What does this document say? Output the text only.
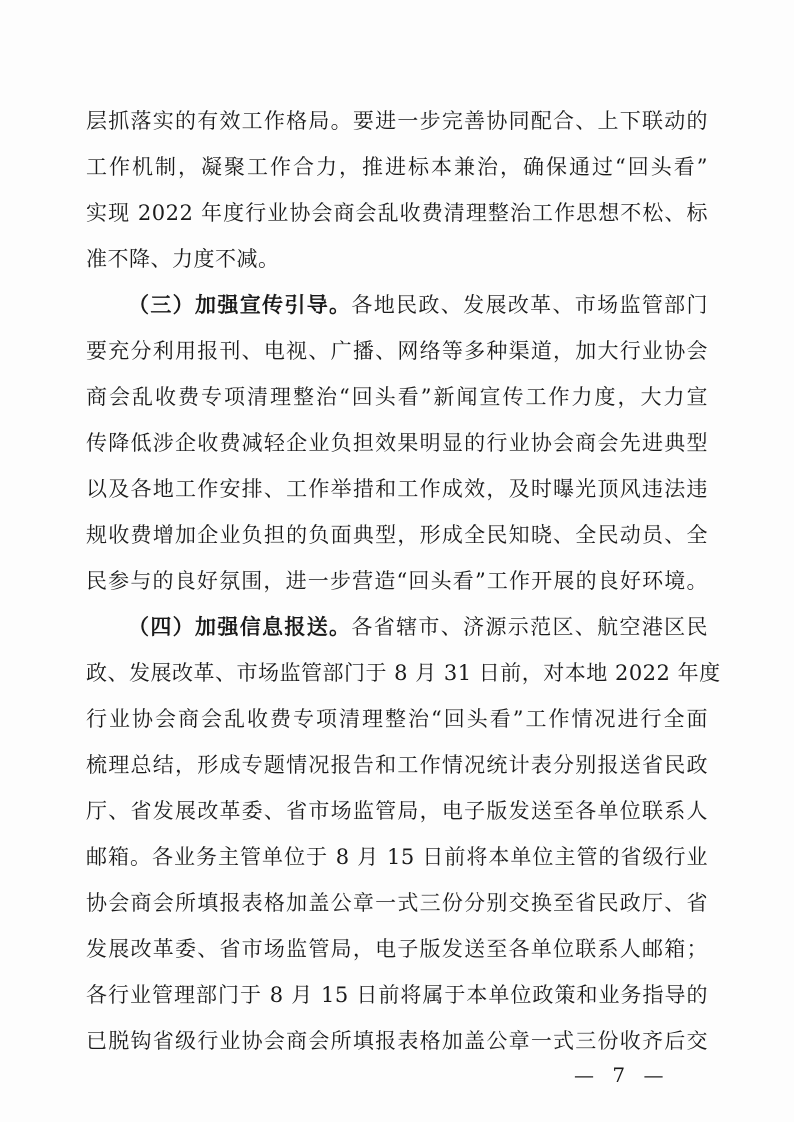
层抓落实的有效工作格局。要进一步完善协同配合、上下联动的
工作机制，凝聚工作合力，推进标本兼治，确保通过“回头看”
实现 2022 年度行业协会商会乱收费清理整治工作思想不松、标
准不降、力度不减。
（三）加强宣传引导。各地民政、发展改革、市场监管部门
要充分利用报刊、电视、广播、网络等多种渠道，加大行业协会
商会乱收费专项清理整治“回头看”新闻宣传工作力度，大力宣
传降低涉企收费减轻企业负担效果明显的行业协会商会先进典型
以及各地工作安排、工作举措和工作成效，及时曝光顶风违法违
规收费增加企业负担的负面典型，形成全民知晓、全民动员、全
民参与的良好氛围，进一步营造“回头看”工作开展的良好环境。
（四）加强信息报送。各省辖市、济源示范区、航空港区民
政、发展改革、市场监管部门于 8 月 31 日前，对本地 2022 年度
行业协会商会乱收费专项清理整治“回头看”工作情况进行全面
梳理总结，形成专题情况报告和工作情况统计表分别报送省民政
厅、省发展改革委、省市场监管局，电子版发送至各单位联系人
邮箱。各业务主管单位于 8 月 15 日前将本单位主管的省级行业
协会商会所填报表格加盖公章一式三份分别交换至省民政厅、省
发展改革委、省市场监管局，电子版发送至各单位联系人邮箱；
各行业管理部门于 8 月 15 日前将属于本单位政策和业务指导的
已脱钩省级行业协会商会所填报表格加盖公章一式三份收齐后交
— 7 —
